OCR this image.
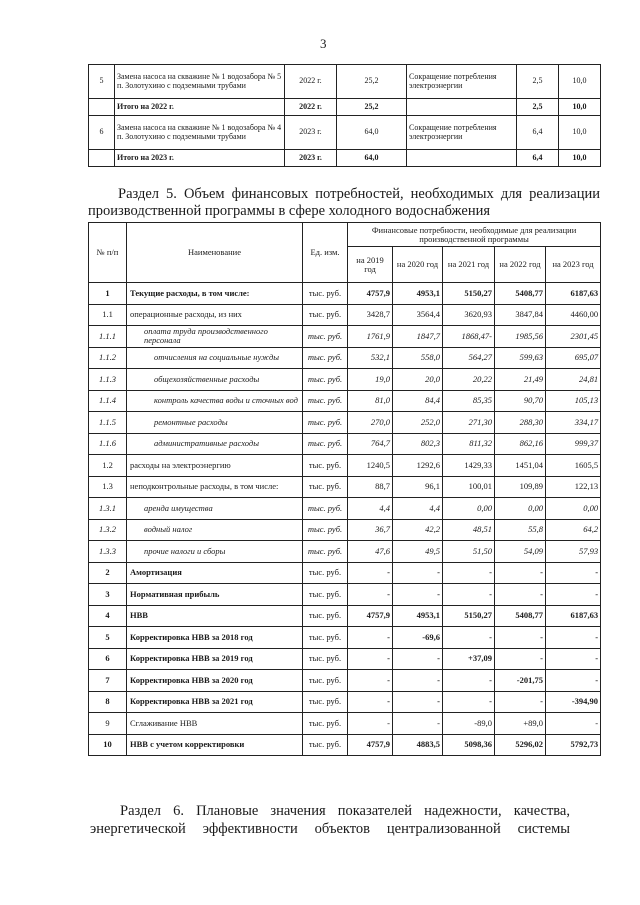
3
5	Замена насоса на скважине № 1 водозабора № 5 п. Золотухино с подземными трубами	2022 г.	25,2	Сокращение потребления электроэнергии	2,5	10,0
	Итого на 2022 г.	2022 г.	25,2		2,5	10,0
6	Замена насоса на скважине № 1 водозабора № 4 п. Золотухино с подземными трубами	2023 г.	64,0	Сокращение потребления электроэнергии	6,4	10,0
	Итого на 2023 г.	2023 г.	64,0		6,4	10,0
Раздел 5. Объем финансовых потребностей, необходимых для реализации
производственной программы в сфере холодного водоснабжения
№ п/п	Наименование	Ед. изм.	Финансовые потребности, необходимые для реализации производственной программы				
			на 2019 год	на 2020 год	на 2021 год	на 2022 год	на 2023 год
1	Текущие расходы, в том числе:	тыс. руб.	4757,9	4953,1	5150,27	5408,77	6187,63
1.1	операционные расходы, из них	тыс. руб.	3428,7	3564,4	3620,93	3847,84	4460,00
1.1.1	оплата труда производственного персонала	тыс. руб.	1761,9	1847,7	1868,47-	1985,56	2301,45
1.1.2	отчисления на социальные нужды	тыс. руб.	532,1	558,0	564,27	599,63	695,07
1.1.3	общехозяйственные расходы	тыс. руб.	19,0	20,0	20,22	21,49	24,81
1.1.4	контроль качества воды и сточных вод	тыс. руб.	81,0	84,4	85,35	90,70	105,13
1.1.5	ремонтные расходы	тыс. руб.	270,0	252,0	271,30	288,30	334,17
1.1.6	административные расходы	тыс. руб.	764,7	802,3	811,32	862,16	999,37
1.2	расходы на электроэнергию	тыс. руб.	1240,5	1292,6	1429,33	1451,04	1605,5
1.3	неподконтрольные расходы, в том числе:	тыс. руб.	88,7	96,1	100,01	109,89	122,13
1.3.1	аренда имущества	тыс. руб.	4,4	4,4	0,00	0,00	0,00
1.3.2	водный налог	тыс. руб.	36,7	42,2	48,51	55,8	64,2
1.3.3	прочие налоги и сборы	тыс. руб.	47,6	49,5	51,50	54,09	57,93
2	Амортизация	тыс. руб.	-	-	-	-	-
3	Нормативная прибыль	тыс. руб.	-	-	-	-	-
4	НВВ	тыс. руб.	4757,9	4953,1	5150,27	5408,77	6187,63
5	Корректировка НВВ за 2018 год	тыс. руб.	-	-69,6	-	-	-
6	Корректировка НВВ за 2019 год	тыс. руб.	-	-	+37,09	-	-
7	Корректировка НВВ за 2020 год	тыс. руб.	-	-	-	-201,75	-
8	Корректировка НВВ за 2021 год	тыс. руб.	-	-	-	-	-394,90
9	Сглаживание НВВ	тыс. руб.	-	-	-89,0	+89,0	-
10	НВВ с учетом корректировки	тыс. руб.	4757,9	4883,5	5098,36	5296,02	5792,73
Раздел 6. Плановые значения показателей надежности, качества,
энергетической эффективности объектов централизованной системы
